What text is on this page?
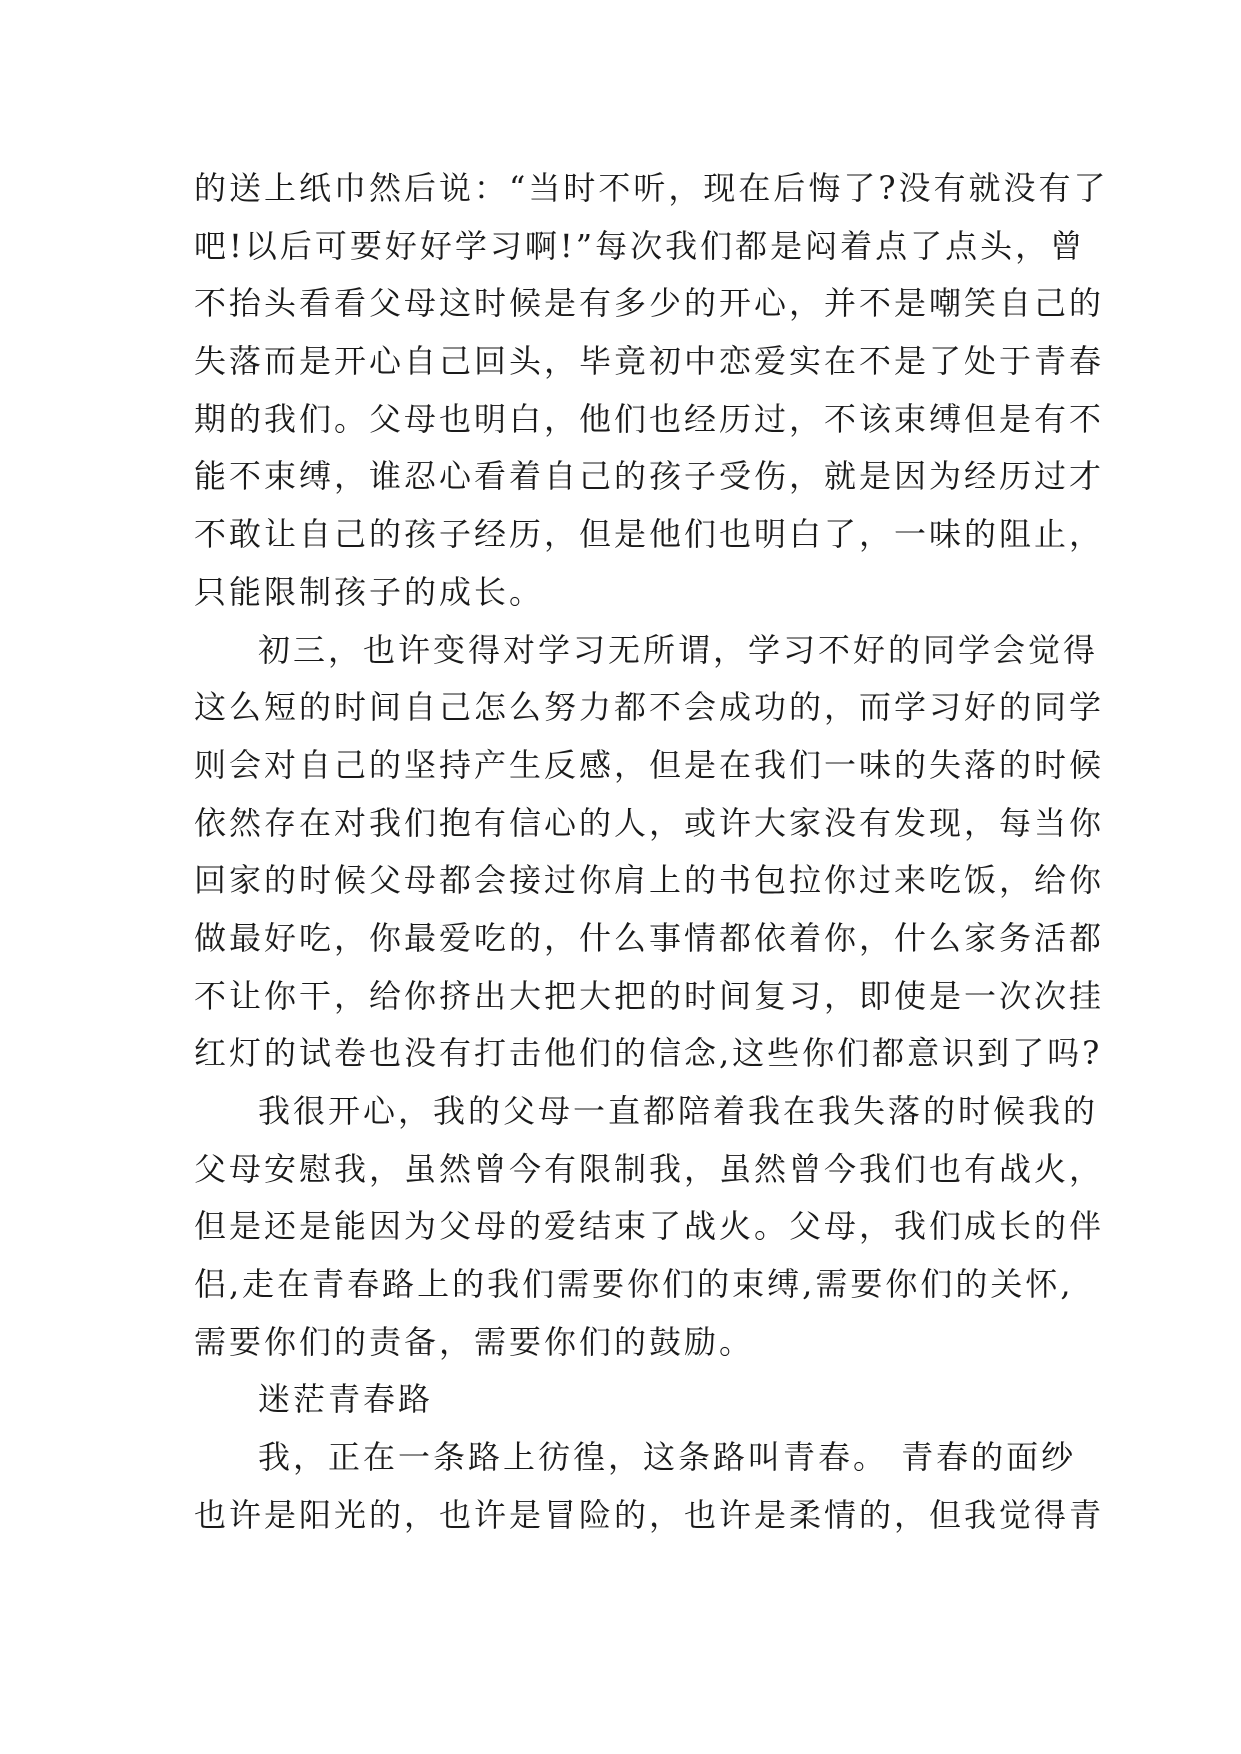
的送上纸巾然后说：“当时不听，现在后悔了?没有就没有了
吧!以后可要好好学习啊!”每次我们都是闷着点了点头，曾
不抬头看看父母这时候是有多少的开心，并不是嘲笑自己的
失落而是开心自己回头，毕竟初中恋爱实在不是了处于青春
期的我们。父母也明白，他们也经历过，不该束缚但是有不
能不束缚，谁忍心看着自己的孩子受伤，就是因为经历过才
不敢让自己的孩子经历，但是他们也明白了，一味的阻止，
只能限制孩子的成长。
初三，也许变得对学习无所谓，学习不好的同学会觉得
这么短的时间自己怎么努力都不会成功的，而学习好的同学
则会对自己的坚持产生反感，但是在我们一味的失落的时候
依然存在对我们抱有信心的人，或许大家没有发现，每当你
回家的时候父母都会接过你肩上的书包拉你过来吃饭，给你
做最好吃，你最爱吃的，什么事情都依着你，什么家务活都
不让你干，给你挤出大把大把的时间复习，即使是一次次挂
红灯的试卷也没有打击他们的信念,这些你们都意识到了吗?
我很开心，我的父母一直都陪着我在我失落的时候我的
父母安慰我，虽然曾今有限制我，虽然曾今我们也有战火，
但是还是能因为父母的爱结束了战火。父母，我们成长的伴
侣,走在青春路上的我们需要你们的束缚,需要你们的关怀,
需要你们的责备，需要你们的鼓励。
迷茫青春路
我，正在一条路上彷徨，这条路叫青春。 青春的面纱
也许是阳光的，也许是冒险的，也许是柔情的，但我觉得青
